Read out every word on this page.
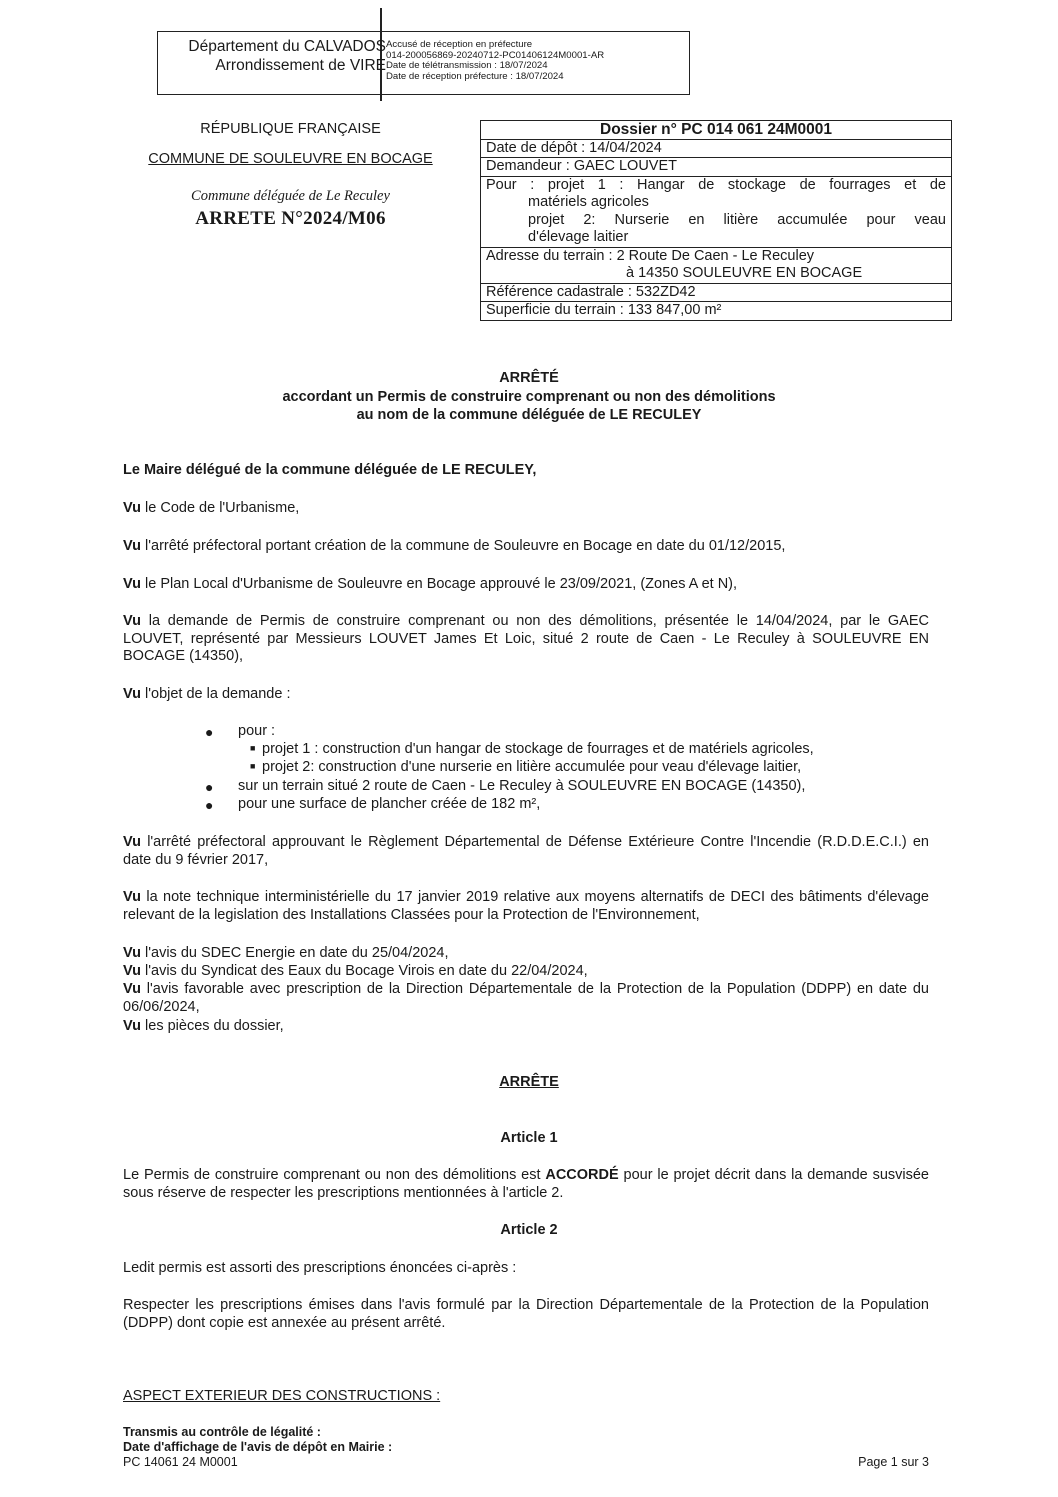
Département du CALVADOS
Arrondissement de VIRE
Accusé de réception en préfecture
014-200056869-20240712-PC01406124M0001-AR
Date de télétransmission : 18/07/2024
Date de réception préfecture : 18/07/2024
RÉPUBLIQUE FRANÇAISE
COMMUNE DE SOULEUVRE EN BOCAGE
Commune déléguée de Le Reculey
ARRETE N°2024/M06
Dossier n° PC 014 061 24M0001
Date de dépôt : 14/04/2024
Demandeur : GAEC LOUVET
Pour : projet 1 : Hangar de stockage de fourrages et de
matériels agricoles
projet 2: Nurserie en litière accumulée pour veau
d'élevage laitier
Adresse du terrain : 2 Route De Caen - Le Reculey
à 14350 SOULEUVRE EN BOCAGE
Référence cadastrale : 532ZD42
Superficie du terrain : 133 847,00 m²
ARRÊTÉ
accordant un Permis de construire comprenant ou non des démolitions
au nom de la commune déléguée de LE RECULEY
Le Maire délégué de la commune déléguée de LE RECULEY,
Vu le Code de l'Urbanisme,
Vu l'arrêté préfectoral portant création de la commune de Souleuvre en Bocage en date du 01/12/2015,
Vu le Plan Local d'Urbanisme de Souleuvre en Bocage approuvé le 23/09/2021, (Zones A et N),
Vu la demande de Permis de construire comprenant ou non des démolitions, présentée le 14/04/2024, par le GAEC LOUVET, représenté par Messieurs LOUVET James Et Loic, situé 2 route de Caen - Le Reculey à SOULEUVRE EN BOCAGE (14350),
Vu l'objet de la demande :
● pour :
■ projet 1 : construction d'un hangar de stockage de fourrages et de matériels agricoles,
■ projet 2: construction d'une nurserie en litière accumulée pour veau d'élevage laitier,
● sur un terrain situé 2 route de Caen - Le Reculey à SOULEUVRE EN BOCAGE (14350),
● pour une surface de plancher créée de 182 m²,
Vu l'arrêté préfectoral approuvant le Règlement Départemental de Défense Extérieure Contre l'Incendie (R.D.D.E.C.I.) en date du 9 février 2017,
Vu la note technique interministérielle du 17 janvier 2019 relative aux moyens alternatifs de DECI des bâtiments d'élevage relevant de la legislation des Installations Classées pour la Protection de l'Environnement,
Vu l'avis du SDEC Energie en date du 25/04/2024,
Vu l'avis du Syndicat des Eaux du Bocage Virois en date du 22/04/2024,
Vu l'avis favorable avec prescription de la Direction Départementale de la Protection de la Population (DDPP) en date du 06/06/2024,
Vu les pièces du dossier,
ARRÊTE
Article 1
Le Permis de construire comprenant ou non des démolitions est ACCORDÉ pour le projet décrit dans la demande susvisée sous réserve de respecter les prescriptions mentionnées à l'article 2.
Article 2
Ledit permis est assorti des prescriptions énoncées ci-après :
Respecter les prescriptions émises dans l'avis formulé par la Direction Départementale de la Protection de la Population (DDPP) dont copie est annexée au présent arrêté.
ASPECT EXTERIEUR DES CONSTRUCTIONS :
Transmis au contrôle de légalité :
Date d'affichage de l'avis de dépôt en Mairie :
PC 14061 24 M0001	Page 1 sur 3
